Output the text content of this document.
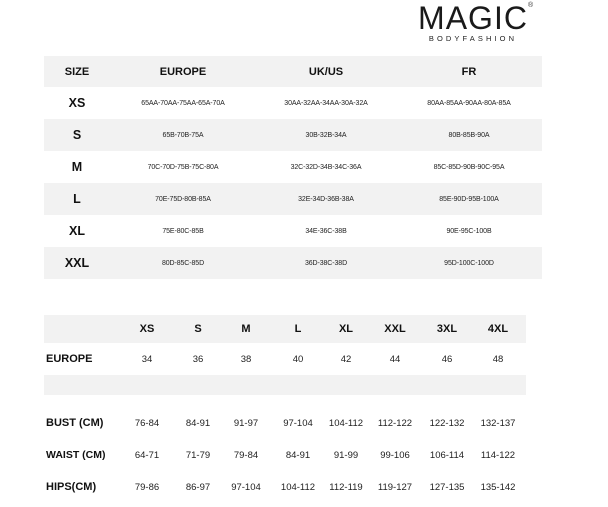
MAGIC ®
BODYFASHION
SIZE	EUROPE	UK/US	FR
XS	65AA-70AA-75AA-65A-70A	30AA-32AA-34AA-30A-32A	80AA-85AA-90AA-80A-85A
S	65B-70B-75A	30B-32B-34A	80B-85B-90A
M	70C-70D-75B-75C-80A	32C-32D-34B-34C-36A	85C-85D-90B-90C-95A
L	70E-75D-80B-85A	32E-34D-36B-38A	85E-90D-95B-100A
XL	75E-80C-85B	34E-36C-38B	90E-95C-100B
XXL	80D-85C-85D	36D-38C-38D	95D-100C-100D
	XS	S	M	L	XL	XXL	3XL	4XL
EUROPE	34	36	38	40	42	44	46	48

BUST (CM)	76-84	84-91	91-97	97-104	104-112	112-122	122-132	132-137
WAIST (CM)	64-71	71-79	79-84	84-91	91-99	99-106	106-114	114-122
HIPS(CM)	79-86	86-97	97-104	104-112	112-119	119-127	127-135	135-142
